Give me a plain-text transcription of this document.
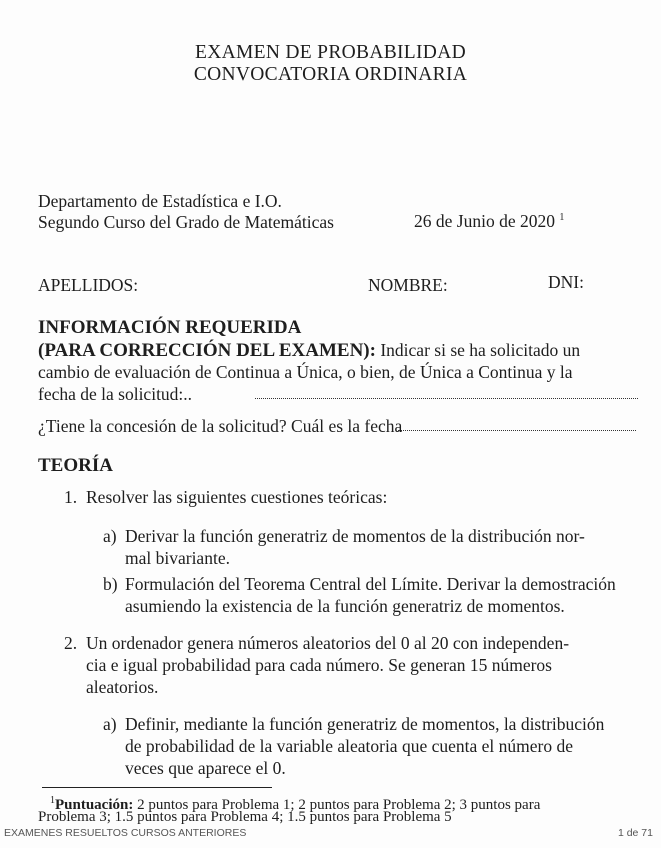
EXAMEN DE PROBABILIDAD
CONVOCATORIA ORDINARIA
Departamento de Estadística e I.O.
Segundo Curso del Grado de Matemáticas	26 de Junio de 2020 $^1$
APELLIDOS:	NOMBRE:	DNI:
INFORMACIÓN REQUERIDA
(PARA CORRECCIÓN DEL EXAMEN): Indicar si se ha solicitado un
cambio de evaluación de Continua a Única, o bien, de Única a Continua y la
fecha de la solicitud:..
¿Tiene la concesión de la solicitud? Cuál es la fecha
TEORÍA
1. Resolver las siguientes cuestiones teóricas:
a) Derivar la función generatriz de momentos de la distribución nor-
mal bivariante.
b) Formulación del Teorema Central del Límite. Derivar la demostración
asumiendo la existencia de la función generatriz de momentos.
2. Un ordenador genera números aleatorios del 0 al 20 con independen-
cia e igual probabilidad para cada número. Se generan 15 números
aleatorios.
a) Definir, mediante la función generatriz de momentos, la distribución
de probabilidad de la variable aleatoria que cuenta el número de
veces que aparece el 0.
$^1$Puntuación: 2 puntos para Problema 1; 2 puntos para Problema 2; 3 puntos para
Problema 3; 1.5 puntos para Problema 4; 1.5 puntos para Problema 5
EXAMENES RESUELTOS CURSOS ANTERIORES	1 de 71
